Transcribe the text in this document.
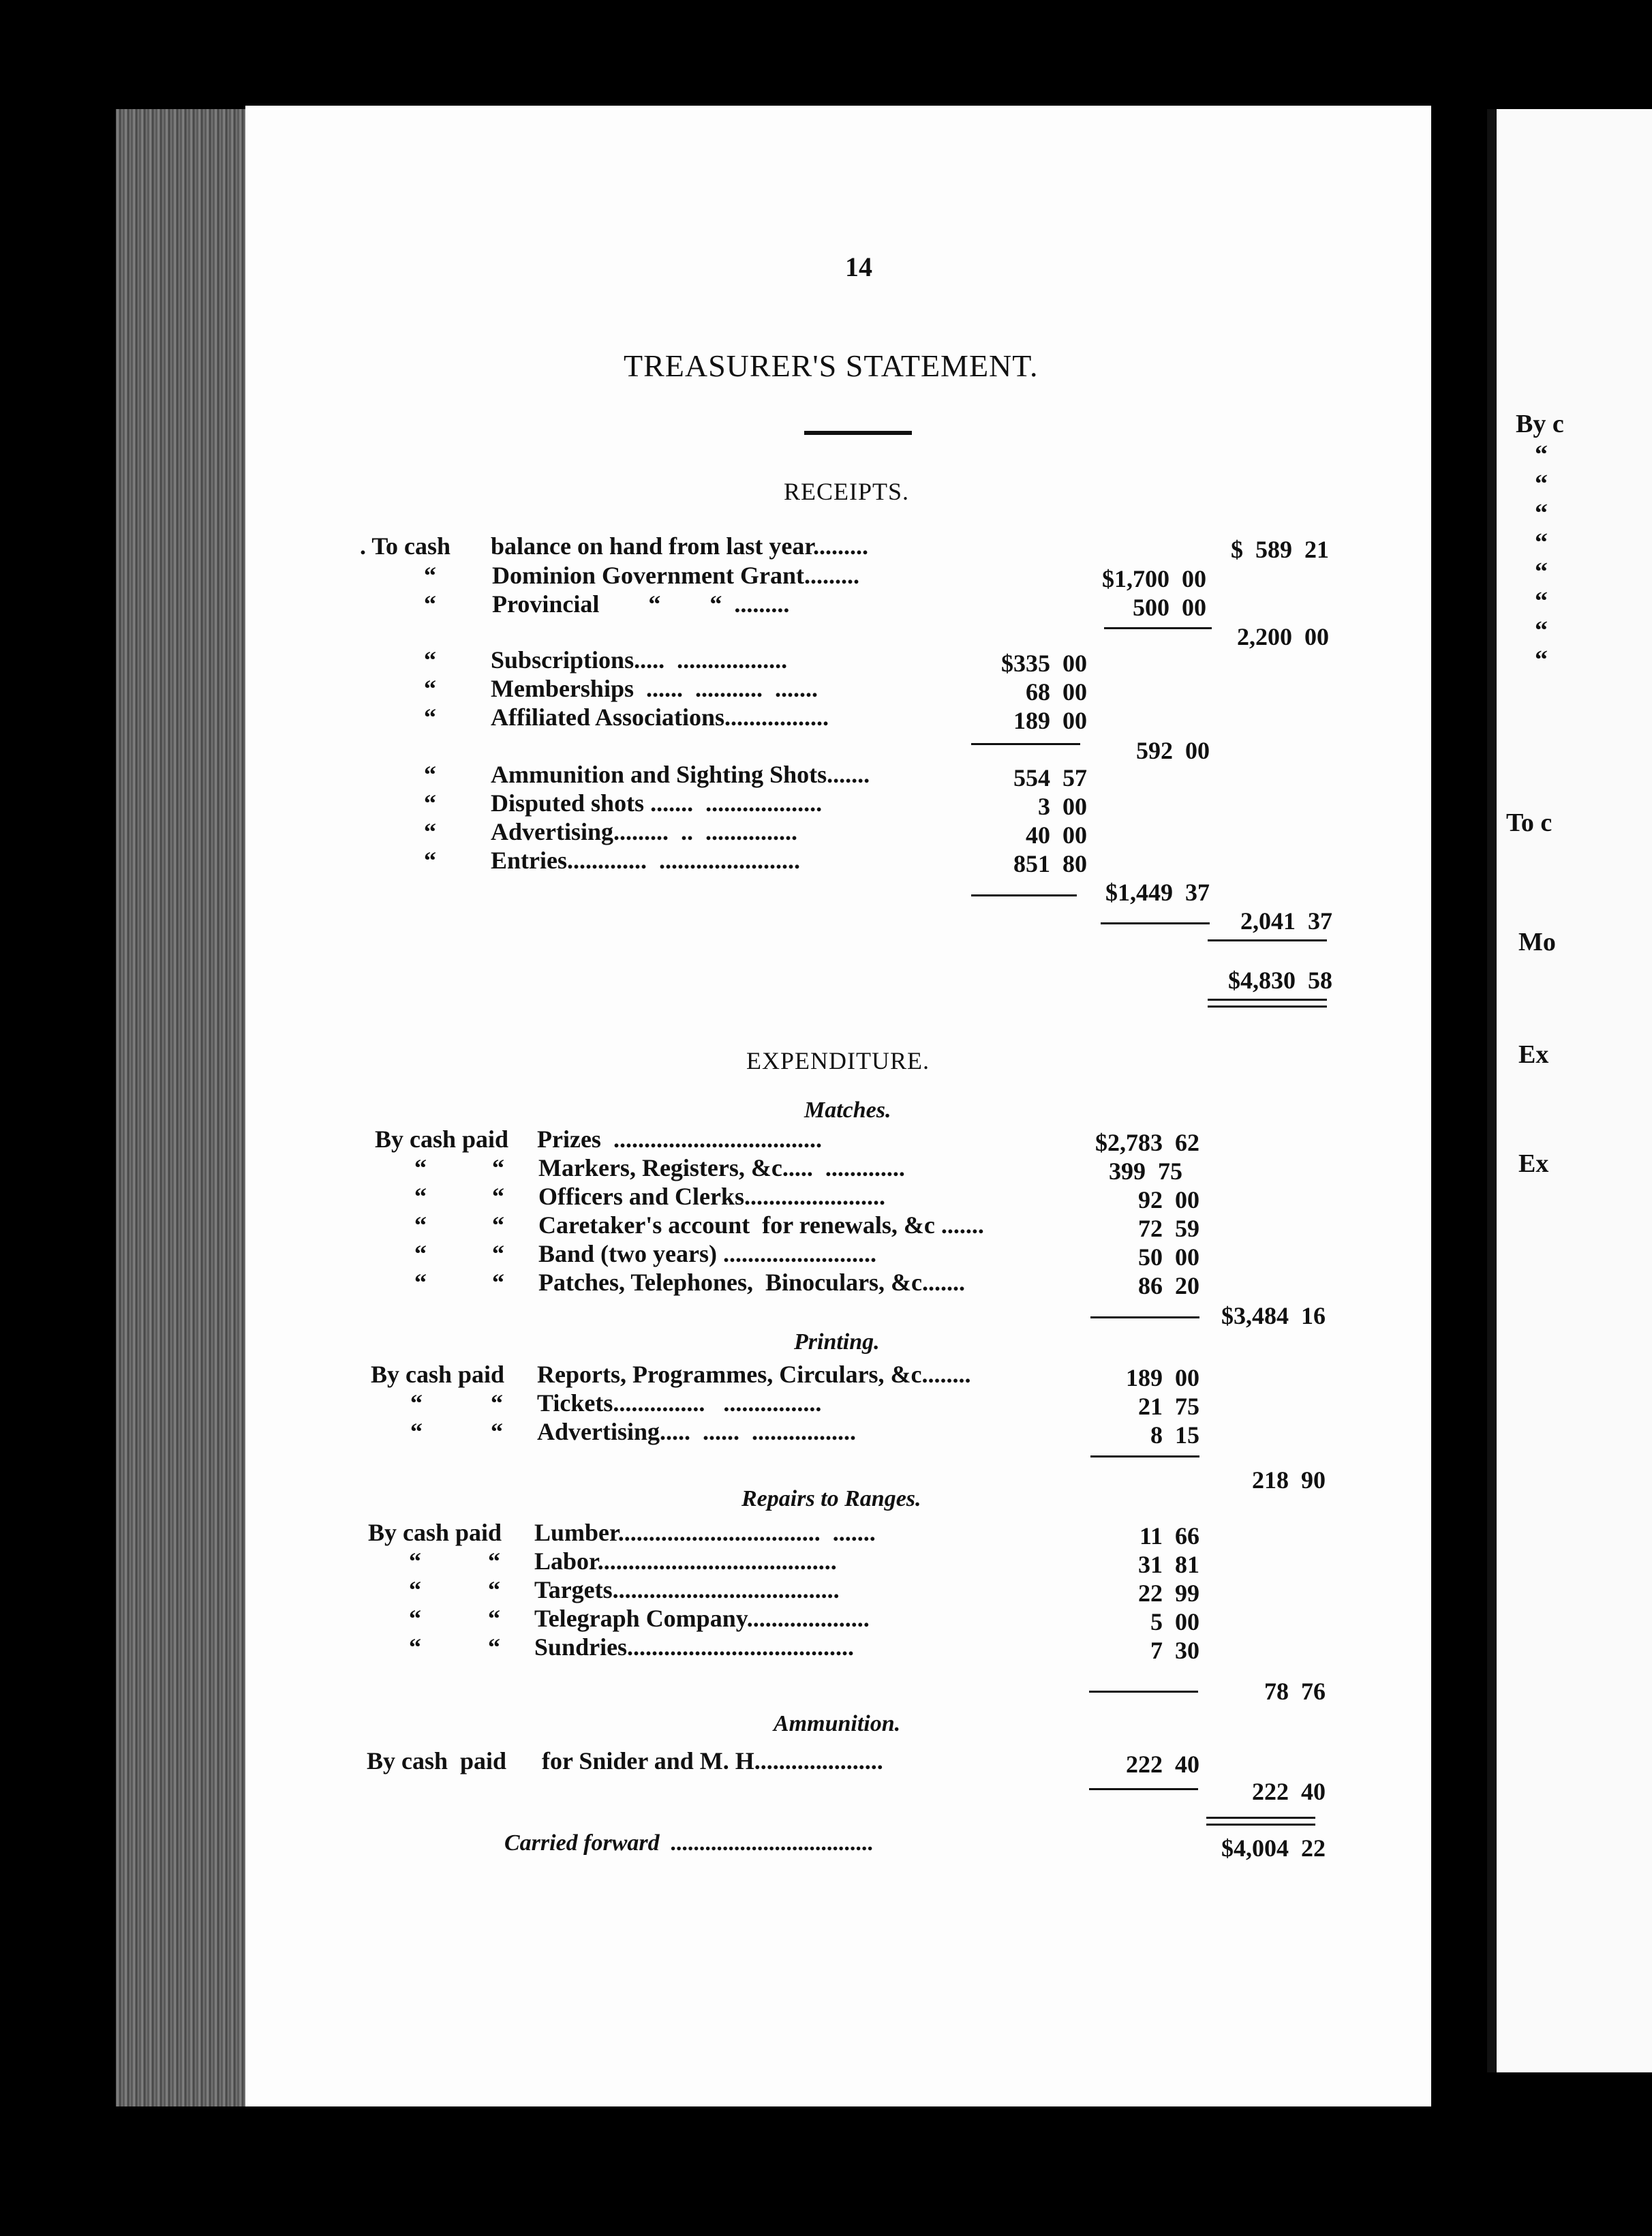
By c
“
“
“
“
“
“
“
“
To c
Mo
Ex
Ex
14
TREASURER'S STATEMENT.
RECEIPTS.
. To cash balance on hand from last year.........	$  589  21
“ Dominion Government Grant.........	$1,700  00
“ Provincial        “        “  .........	500  00
2,200  00
“ Subscriptions.....  ..................	$335  00
“ Memberships  ......  ...........  .......	68  00
“ Affiliated Associations.................	189  00
592  00
“ Ammunition and Sighting Shots.......	554  57
“ Disputed shots .......  ...................	3  00
“ Advertising.........  ..  ...............	40  00
“ Entries.............  .......................	851  80
$1,449  37
2,041  37
$4,830  58
EXPENDITURE.
Matches.
By cash paid Prizes  ..................................	$2,783  62
“	“ Markers, Registers, &c.....  .............	399  75
“	“ Officers and Clerks.......................	92  00
“	“ Caretaker's account  for renewals, &c .......	72  59
“	“ Band (two years) .........................	50  00
“	“ Patches, Telephones,  Binoculars, &c.......	86  20
$3,484  16
Printing.
By cash paid Reports, Programmes, Circulars, &c........	189  00
“	“ Tickets...............   ................	21  75
“	“ Advertising.....  ......  .................	8  15
218  90
Repairs to Ranges.
By cash paid Lumber.................................  .......	11  66
“	“ Labor.......................................	31  81
“	“ Targets.....................................	22  99
“	“ Telegraph Company....................	5  00
“	“ Sundries.....................................	7  30
78  76
Ammunition.
By cash  paid for Snider and M. H.....................	222  40
222  40
Carried forward  ...................................	$4,004  22
